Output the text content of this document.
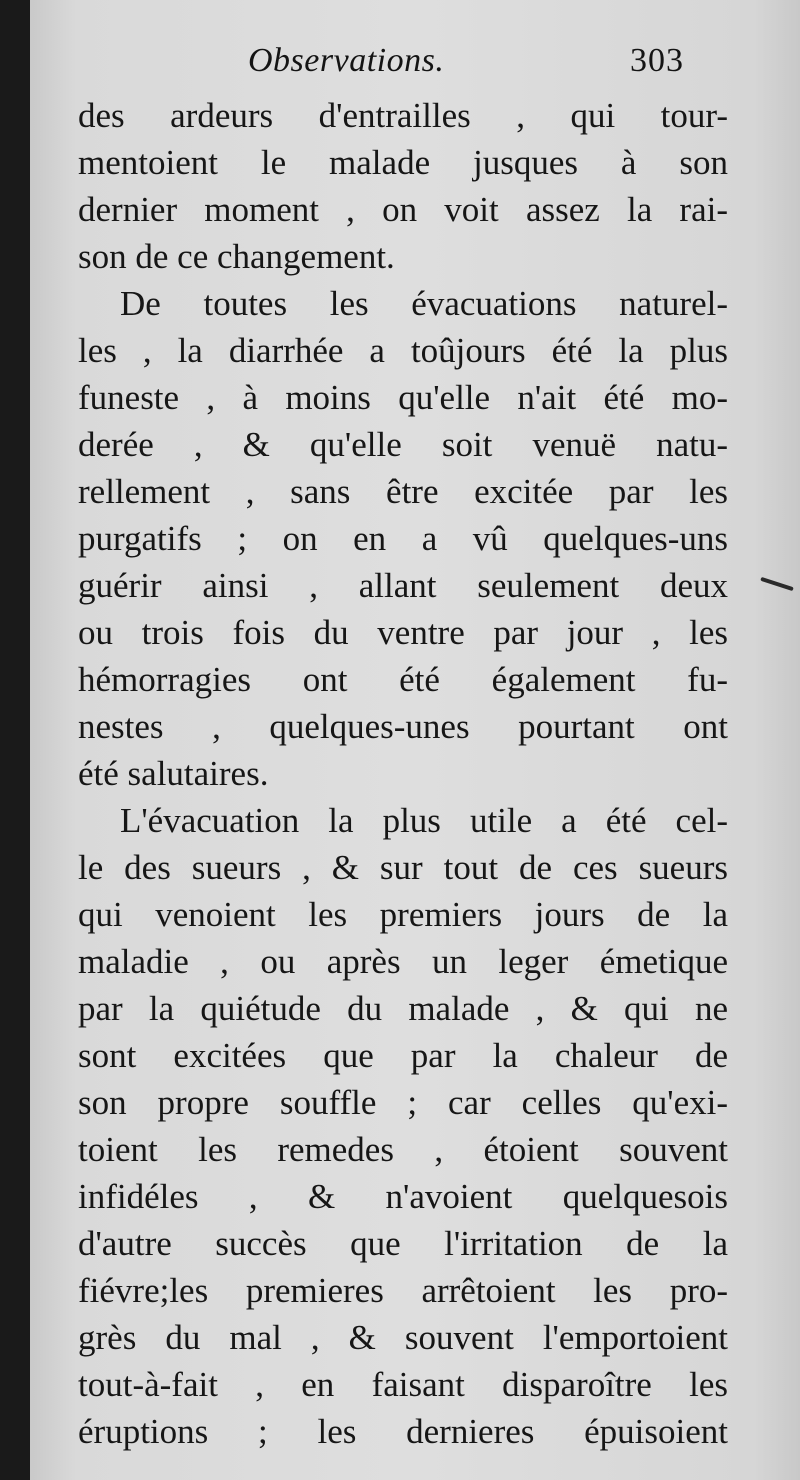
Observations.	303
des ardeurs d'entrailles , qui tour-
mentoient le malade jusques à son
dernier moment , on voit assez la rai-
son de ce changement.
De toutes les évacuations naturel-
les , la diarrhée a toûjours été la plus
funeste , à moins qu'elle n'ait été mo-
derée , & qu'elle soit venuë natu-
rellement , sans être excitée par les
purgatifs ; on en a vû quelques-uns
guérir ainsi , allant seulement deux
ou trois fois du ventre par jour , les
hémorragies ont été également fu-
nestes , quelques-unes pourtant ont
été salutaires.
L'évacuation la plus utile a été cel-
le des sueurs , & sur tout de ces sueurs
qui venoient les premiers jours de la
maladie , ou après un leger émetique
par la quiétude du malade , & qui ne
sont excitées que par la chaleur de
son propre souffle ; car celles qu'exi-
toient les remedes , étoient souvent
infidéles , & n'avoient quelquesois
d'autre succès que l'irritation de la
fiévre;les premieres arrêtoient les pro-
grès du mal , & souvent l'emportoient
tout-à-fait , en faisant disparoître les
éruptions ; les dernieres épuisoient
